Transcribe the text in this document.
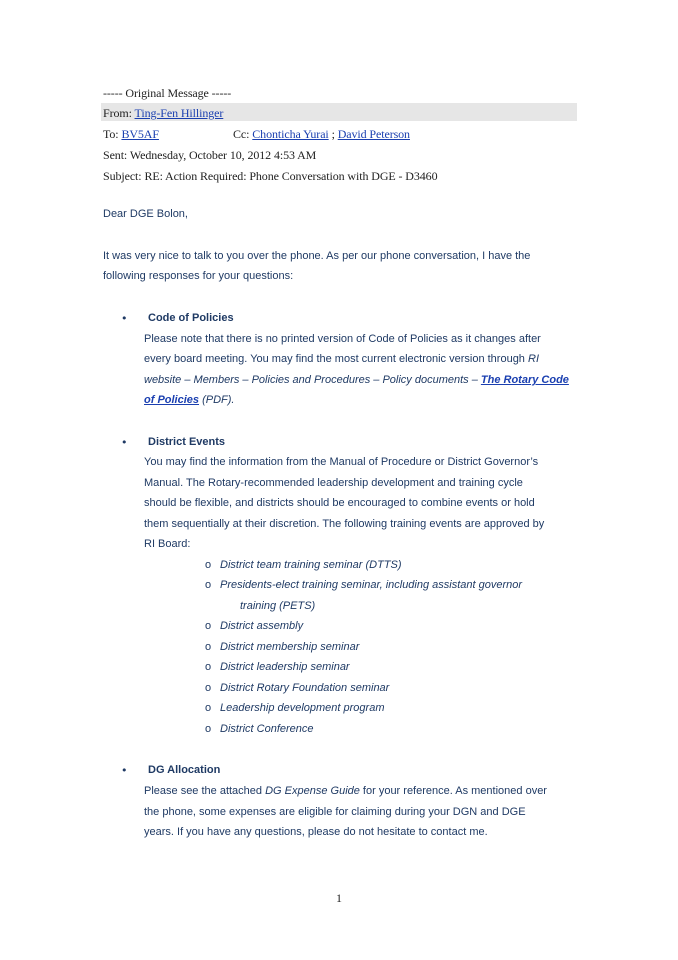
----- Original Message -----
From: Ting-Fen Hillinger
To: BV5AF	Cc: Chonticha Yurai ; David Peterson
Sent: Wednesday, October 10, 2012 4:53 AM
Subject: RE: Action Required: Phone Conversation with DGE - D3460
Dear DGE Bolon,
It was very nice to talk to you over the phone. As per our phone conversation, I have the
following responses for your questions:
• Code of Policies
Please note that there is no printed version of Code of Policies as it changes after
every board meeting. You may find the most current electronic version through RI
website – Members – Policies and Procedures – Policy documents – The Rotary Code
of Policies (PDF).
• District Events
You may find the information from the Manual of Procedure or District Governor’s
Manual. The Rotary-recommended leadership development and training cycle
should be flexible, and districts should be encouraged to combine events or hold
them sequentially at their discretion. The following training events are approved by
RI Board:
o District team training seminar (DTTS)
o Presidents-elect training seminar, including assistant governor
training (PETS)
o District assembly
o District membership seminar
o District leadership seminar
o District Rotary Foundation seminar
o Leadership development program
o District Conference
• DG Allocation
Please see the attached DG Expense Guide for your reference. As mentioned over
the phone, some expenses are eligible for claiming during your DGN and DGE
years. If you have any questions, please do not hesitate to contact me.
1
